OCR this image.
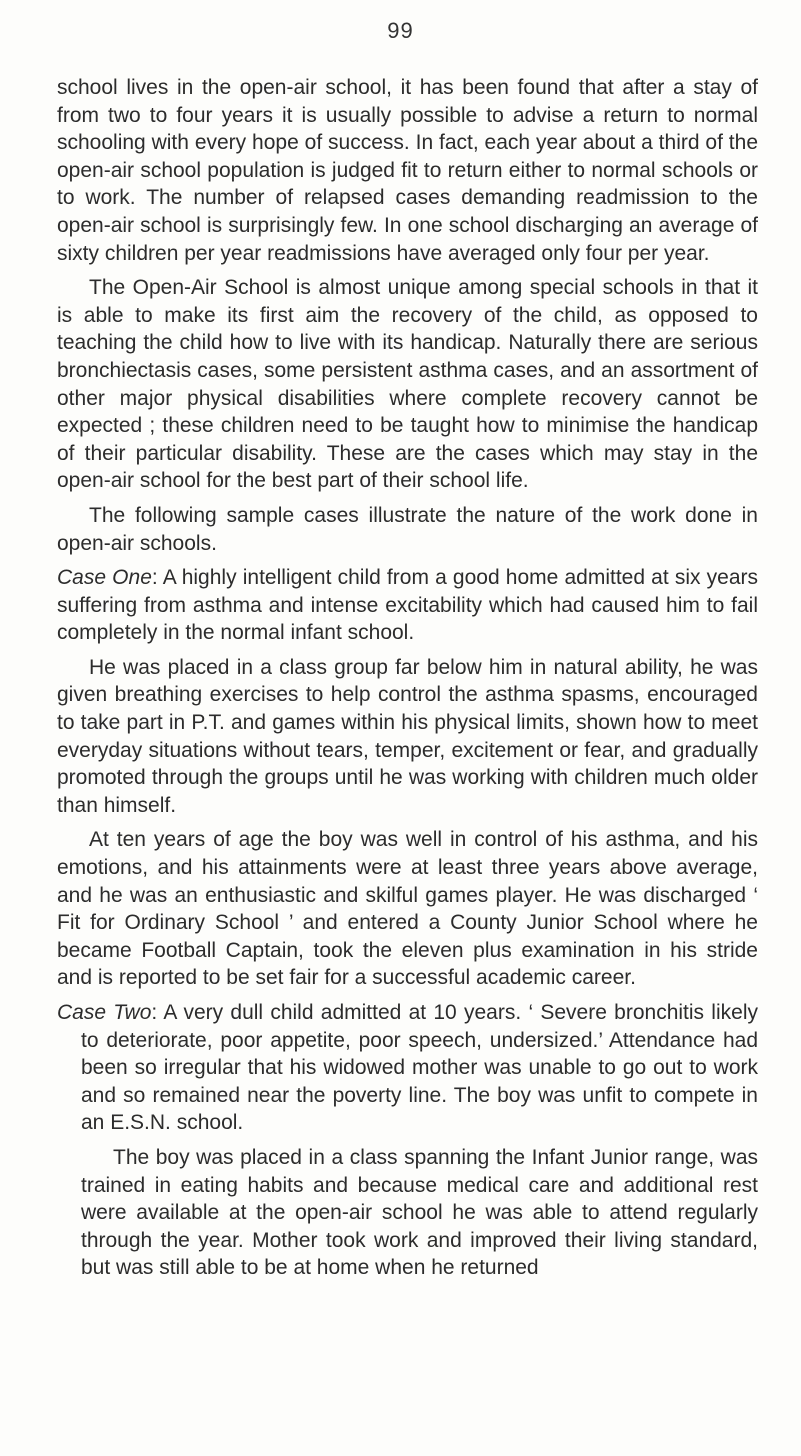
99

school lives in the open-air school, it has been found that after a stay of from two to four years it is usually possible to advise a return to normal schooling with every hope of success. In fact, each year about a third of the open-air school population is judged fit to return either to normal schools or to work. The number of relapsed cases demanding readmission to the open-air school is surprisingly few. In one school discharging an average of sixty children per year readmissions have averaged only four per year.

The Open-Air School is almost unique among special schools in that it is able to make its first aim the recovery of the child, as opposed to teaching the child how to live with its handicap. Naturally there are serious bronchiectasis cases, some persistent asthma cases, and an assortment of other major physical disabilities where complete recovery cannot be expected ; these children need to be taught how to minimise the handicap of their particular disability. These are the cases which may stay in the open-air school for the best part of their school life.

The following sample cases illustrate the nature of the work done in open-air schools.

Case One: A highly intelligent child from a good home admitted at six years suffering from asthma and intense excitability which had caused him to fail completely in the normal infant school.

He was placed in a class group far below him in natural ability, he was given breathing exercises to help control the asthma spasms, encouraged to take part in P.T. and games within his physical limits, shown how to meet everyday situations without tears, temper, excitement or fear, and gradually promoted through the groups until he was working with children much older than himself.

At ten years of age the boy was well in control of his asthma, and his emotions, and his attainments were at least three years above average, and he was an enthusiastic and skilful games player. He was discharged ‘ Fit for Ordinary School ’ and entered a County Junior School where he became Football Captain, took the eleven plus examination in his stride and is reported to be set fair for a successful academic career.

Case Two: A very dull child admitted at 10 years. ‘ Severe bronchitis likely to deteriorate, poor appetite, poor speech, undersized.’ Attendance had been so irregular that his widowed mother was unable to go out to work and so remained near the poverty line. The boy was unfit to compete in an E.S.N. school.

The boy was placed in a class spanning the Infant Junior range, was trained in eating habits and because medical care and additional rest were available at the open-air school he was able to attend regularly through the year. Mother took work and improved their living standard, but was still able to be at home when he returned
